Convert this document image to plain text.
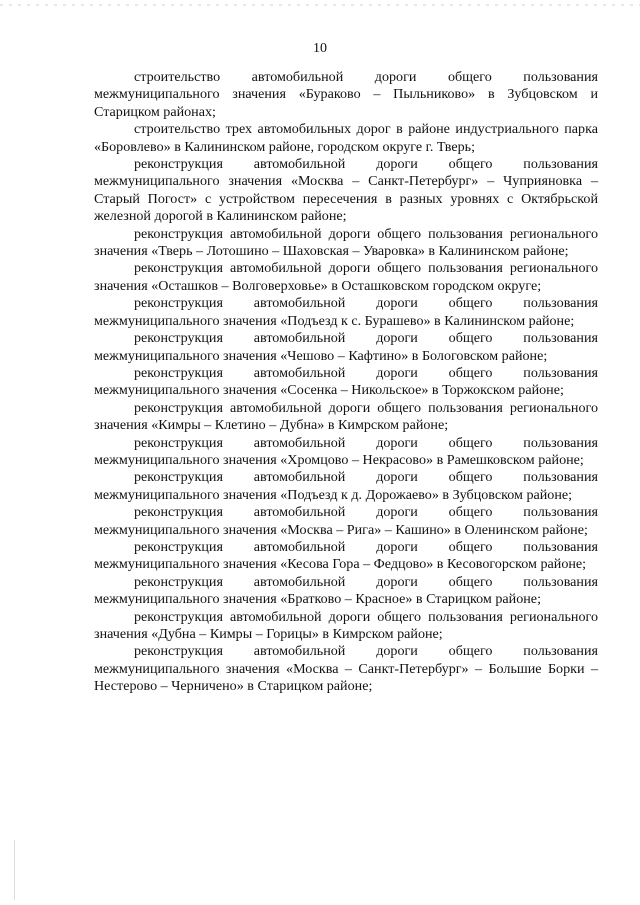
10

строительство автомобильной дороги общего пользования межмуниципального значения «Бураково – Пыльниково» в Зубцовском и Старицком районах;

строительство трех автомобильных дорог в районе индустриального парка «Боровлево» в Калининском районе, городском округе г. Тверь;

реконструкция автомобильной дороги общего пользования межмуниципального значения «Москва – Санкт-Петербург» – Чуприяновка – Старый Погост» с устройством пересечения в разных уровнях с Октябрьской железной дорогой в Калининском районе;

реконструкция автомобильной дороги общего пользования регионального значения «Тверь – Лотошино – Шаховская – Уваровка» в Калининском районе;

реконструкция автомобильной дороги общего пользования регионального значения «Осташков – Волговерховье» в Осташковском городском округе;

реконструкция автомобильной дороги общего пользования межмуниципального значения «Подъезд к с. Бурашево» в Калининском районе;

реконструкция автомобильной дороги общего пользования межмуниципального значения «Чешово – Кафтино» в Бологовском районе;

реконструкция автомобильной дороги общего пользования межмуниципального значения «Сосенка – Никольское» в Торжокском районе;

реконструкция автомобильной дороги общего пользования регионального значения «Кимры – Клетино – Дубна» в Кимрском районе;

реконструкция автомобильной дороги общего пользования межмуниципального значения «Хромцово – Некрасово» в Рамешковском районе;

реконструкция автомобильной дороги общего пользования межмуниципального значения «Подъезд к д. Дорожаево» в Зубцовском районе;

реконструкция автомобильной дороги общего пользования межмуниципального значения «Москва – Рига» – Кашино» в Оленинском районе;

реконструкция автомобильной дороги общего пользования межмуниципального значения «Кесова Гора – Федцово» в Кесовогорском районе;

реконструкция автомобильной дороги общего пользования межмуниципального значения «Братково – Красное» в Старицком районе;

реконструкция автомобильной дороги общего пользования регионального значения «Дубна – Кимры – Горицы» в Кимрском районе;

реконструкция автомобильной дороги общего пользования межмуниципального значения «Москва – Санкт-Петербург» – Большие Борки – Нестерово – Черничено» в Старицком районе;
